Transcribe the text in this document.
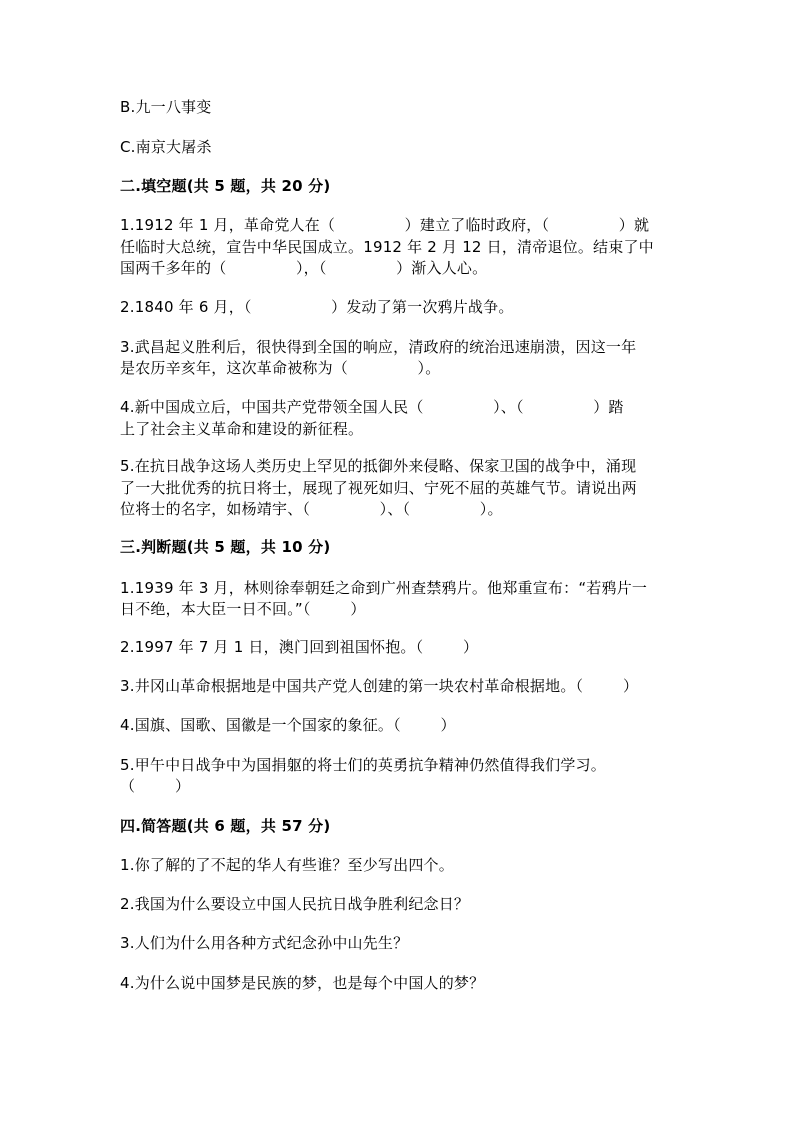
B.九一八事变
C.南京大屠杀
二.填空题(共 5 题，共 20 分)
1.1912 年 1 月，革命党人在（              ）建立了临时政府，（              ）就
任临时大总统，宣告中华民国成立。1912 年 2 月 12 日，清帝退位。结束了中
国两千多年的（              ），（              ）渐入人心。
2.1840 年 6 月，（                ）发动了第一次鸦片战争。
3.武昌起义胜利后，很快得到全国的响应，清政府的统治迅速崩溃，因这一年
是农历辛亥年，这次革命被称为（              ）。
4.新中国成立后，中国共产党带领全国人民（              ）、（              ）踏
上了社会主义革命和建设的新征程。
5.在抗日战争这场人类历史上罕见的抵御外来侵略、保家卫国的战争中，涌现
了一大批优秀的抗日将士，展现了视死如归、宁死不屈的英雄气节。请说出两
位将士的名字，如杨靖宇、（              ）、（              ）。
三.判断题(共 5 题，共 10 分)
1.1939 年 3 月，林则徐奉朝廷之命到广州查禁鸦片。他郑重宣布：“若鸦片一
日不绝，本大臣一日不回。”（        ）
2.1997 年 7 月 1 日，澳门回到祖国怀抱。（        ）
3.井冈山革命根据地是中国共产党人创建的第一块农村革命根据地。（        ）
4.国旗、国歌、国徽是一个国家的象征。（        ）
5.甲午中日战争中为国捐躯的将士们的英勇抗争精神仍然值得我们学习。
（        ）
四.简答题(共 6 题，共 57 分)
1.你了解的了不起的华人有些谁？至少写出四个。
2.我国为什么要设立中国人民抗日战争胜利纪念日？
3.人们为什么用各种方式纪念孙中山先生？
4.为什么说中国梦是民族的梦，也是每个中国人的梦？
